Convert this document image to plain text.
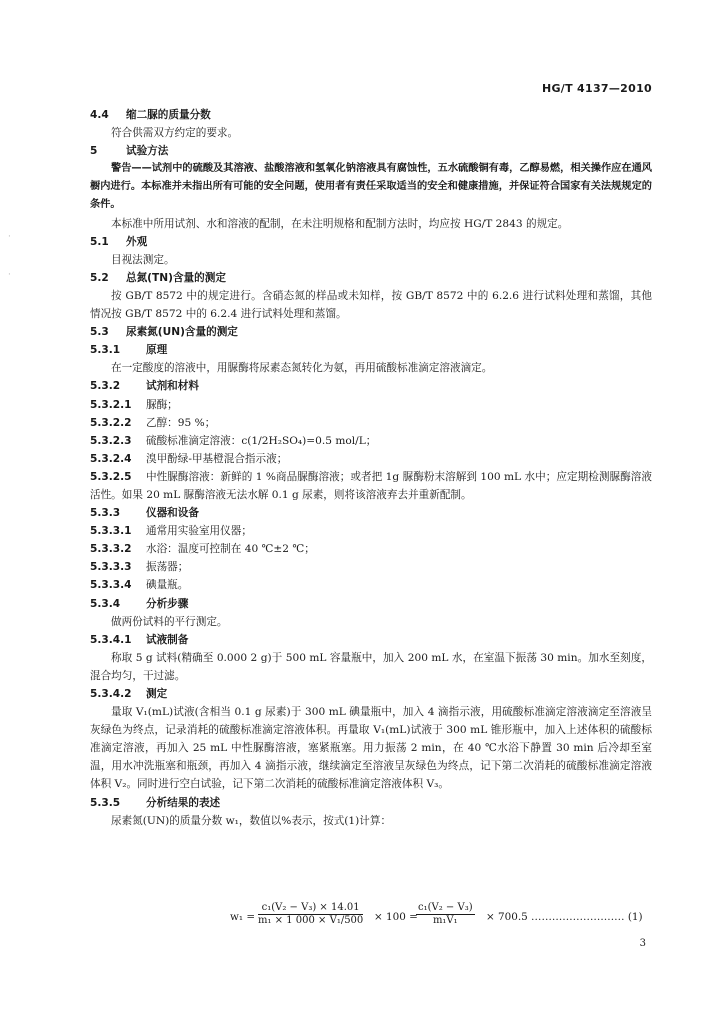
HG/T 4137—2010
·
·
4.4 缩二脲的质量分数
符合供需双方约定的要求。
5	试验方法
警告——试剂中的硫酸及其溶液、盐酸溶液和氢氧化钠溶液具有腐蚀性，五水硫酸铜有毒，乙醇易燃，相关操作应在通风橱内进行。本标准并未指出所有可能的安全问题，使用者有责任采取适当的安全和健康措施，并保证符合国家有关法规规定的条件。
本标准中所用试剂、水和溶液的配制，在未注明规格和配制方法时，均应按 HG/T 2843 的规定。
5.1 外观
目视法测定。
5.2 总氮(TN)含量的测定
按 GB/T 8572 中的规定进行。含硝态氮的样品或未知样，按 GB/T 8572 中的 6.2.6 进行试料处理和蒸馏，其他情况按 GB/T 8572 中的 6.2.4 进行试料处理和蒸馏。
5.3 尿素氮(UN)含量的测定
5.3.1 原理
在一定酸度的溶液中，用脲酶将尿素态氮转化为氨，再用硫酸标准滴定溶液滴定。
5.3.2 试剂和材料
5.3.2.1 脲酶；
5.3.2.2 乙醇：95 %；
5.3.2.3 硫酸标准滴定溶液：c(1/2H₂SO₄)=0.5 mol/L；
5.3.2.4 溴甲酚绿-甲基橙混合指示液；
5.3.2.5 中性脲酶溶液：新鲜的 1 %商品脲酶溶液；或者把 1g 脲酶粉末溶解到 100 mL 水中；应定期检测脲酶溶液活性。如果 20 mL 脲酶溶液无法水解 0.1 g 尿素，则将该溶液弃去并重新配制。
5.3.3 仪器和设备
5.3.3.1 通常用实验室用仪器；
5.3.3.2 水浴：温度可控制在 40 ℃±2 ℃；
5.3.3.3 振荡器；
5.3.3.4 碘量瓶。
5.3.4 分析步骤
做两份试料的平行测定。
5.3.4.1 试液制备
称取 5 g 试料(精确至 0.000 2 g)于 500 mL 容量瓶中，加入 200 mL 水，在室温下振荡 30 min。加水至刻度，混合均匀，干过滤。
5.3.4.2 测定
量取 V₁(mL)试液(含相当 0.1 g 尿素)于 300 mL 碘量瓶中，加入 4 滴指示液，用硫酸标准滴定溶液滴定至溶液呈灰绿色为终点，记录消耗的硫酸标准滴定溶液体积。再量取 V₁(mL)试液于 300 mL 锥形瓶中，加入上述体积的硫酸标准滴定溶液，再加入 25 mL 中性脲酶溶液，塞紧瓶塞。用力振荡 2 min，在 40 ℃水浴下静置 30 min 后冷却至室温，用水冲洗瓶塞和瓶颈，再加入 4 滴指示液，继续滴定至溶液呈灰绿色为终点，记下第二次消耗的硫酸标准滴定溶液体积 V₂。同时进行空白试验，记下第二次消耗的硫酸标准滴定溶液体积 V₃。
5.3.5 分析结果的表述
尿素氮(UN)的质量分数 w₁，数值以%表示，按式(1)计算：
$w_1 = \frac{\text{c₁(V₂ − V₃) × 14.01}}{\text{m₁ × 1 000 × V₁/500}} \times 100$ =
$\frac{\text{c₁(V₂ − V₃)}}{\text{m₁V₁}} \times 700.5$ ……………………… (1)
3
